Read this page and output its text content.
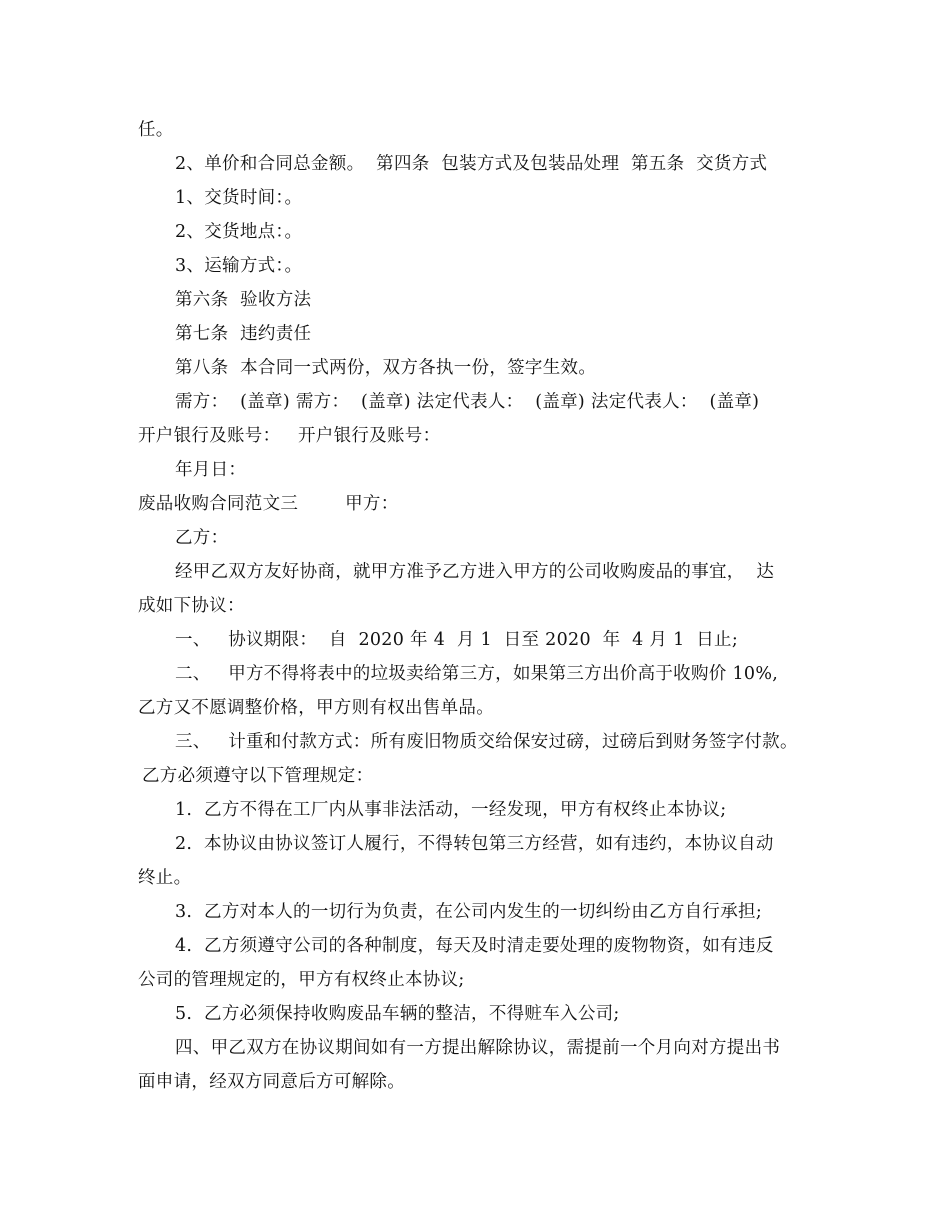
任。
2、单价和合同总金额。  第四条  包装方式及包装品处理  第五条  交货方式
1、交货时间：。
2、交货地点：。
3、运输方式：。
第六条  验收方法
第七条  违约责任
第八条  本合同一式两份，双方各执一份，签字生效。
需方：  (盖章) 需方：  (盖章) 法定代表人：  (盖章) 法定代表人：  (盖章)
开户银行及账号：   开户银行及账号：
年月日：
废品收购合同范文三        甲方：
乙方：
经甲乙双方友好协商，就甲方准予乙方进入甲方的公司收购废品的事宜，  达
成如下协议：
一、   协议期限：  自  2020 年 4  月 1  日至 2020  年  4 月 1  日止;
二、   甲方不得将表中的垃圾卖给第三方，如果第三方出价高于收购价 10%,
乙方又不愿调整价格，甲方则有权出售单品。
三、   计重和付款方式：所有废旧物质交给保安过磅，过磅后到财务签字付款。
乙方必须遵守以下管理规定：
1.  乙方不得在工厂内从事非法活动，一经发现，甲方有权终止本协议;
2.  本协议由协议签订人履行，不得转包第三方经营，如有违约，本协议自动
终止。
3.  乙方对本人的一切行为负责，在公司内发生的一切纠纷由乙方自行承担;
4.  乙方须遵守公司的各种制度，每天及时清走要处理的废物物资，如有违反
公司的管理规定的，甲方有权终止本协议;
5.  乙方必须保持收购废品车辆的整洁，不得赃车入公司;
四、甲乙双方在协议期间如有一方提出解除协议，需提前一个月向对方提出书
面申请，经双方同意后方可解除。
